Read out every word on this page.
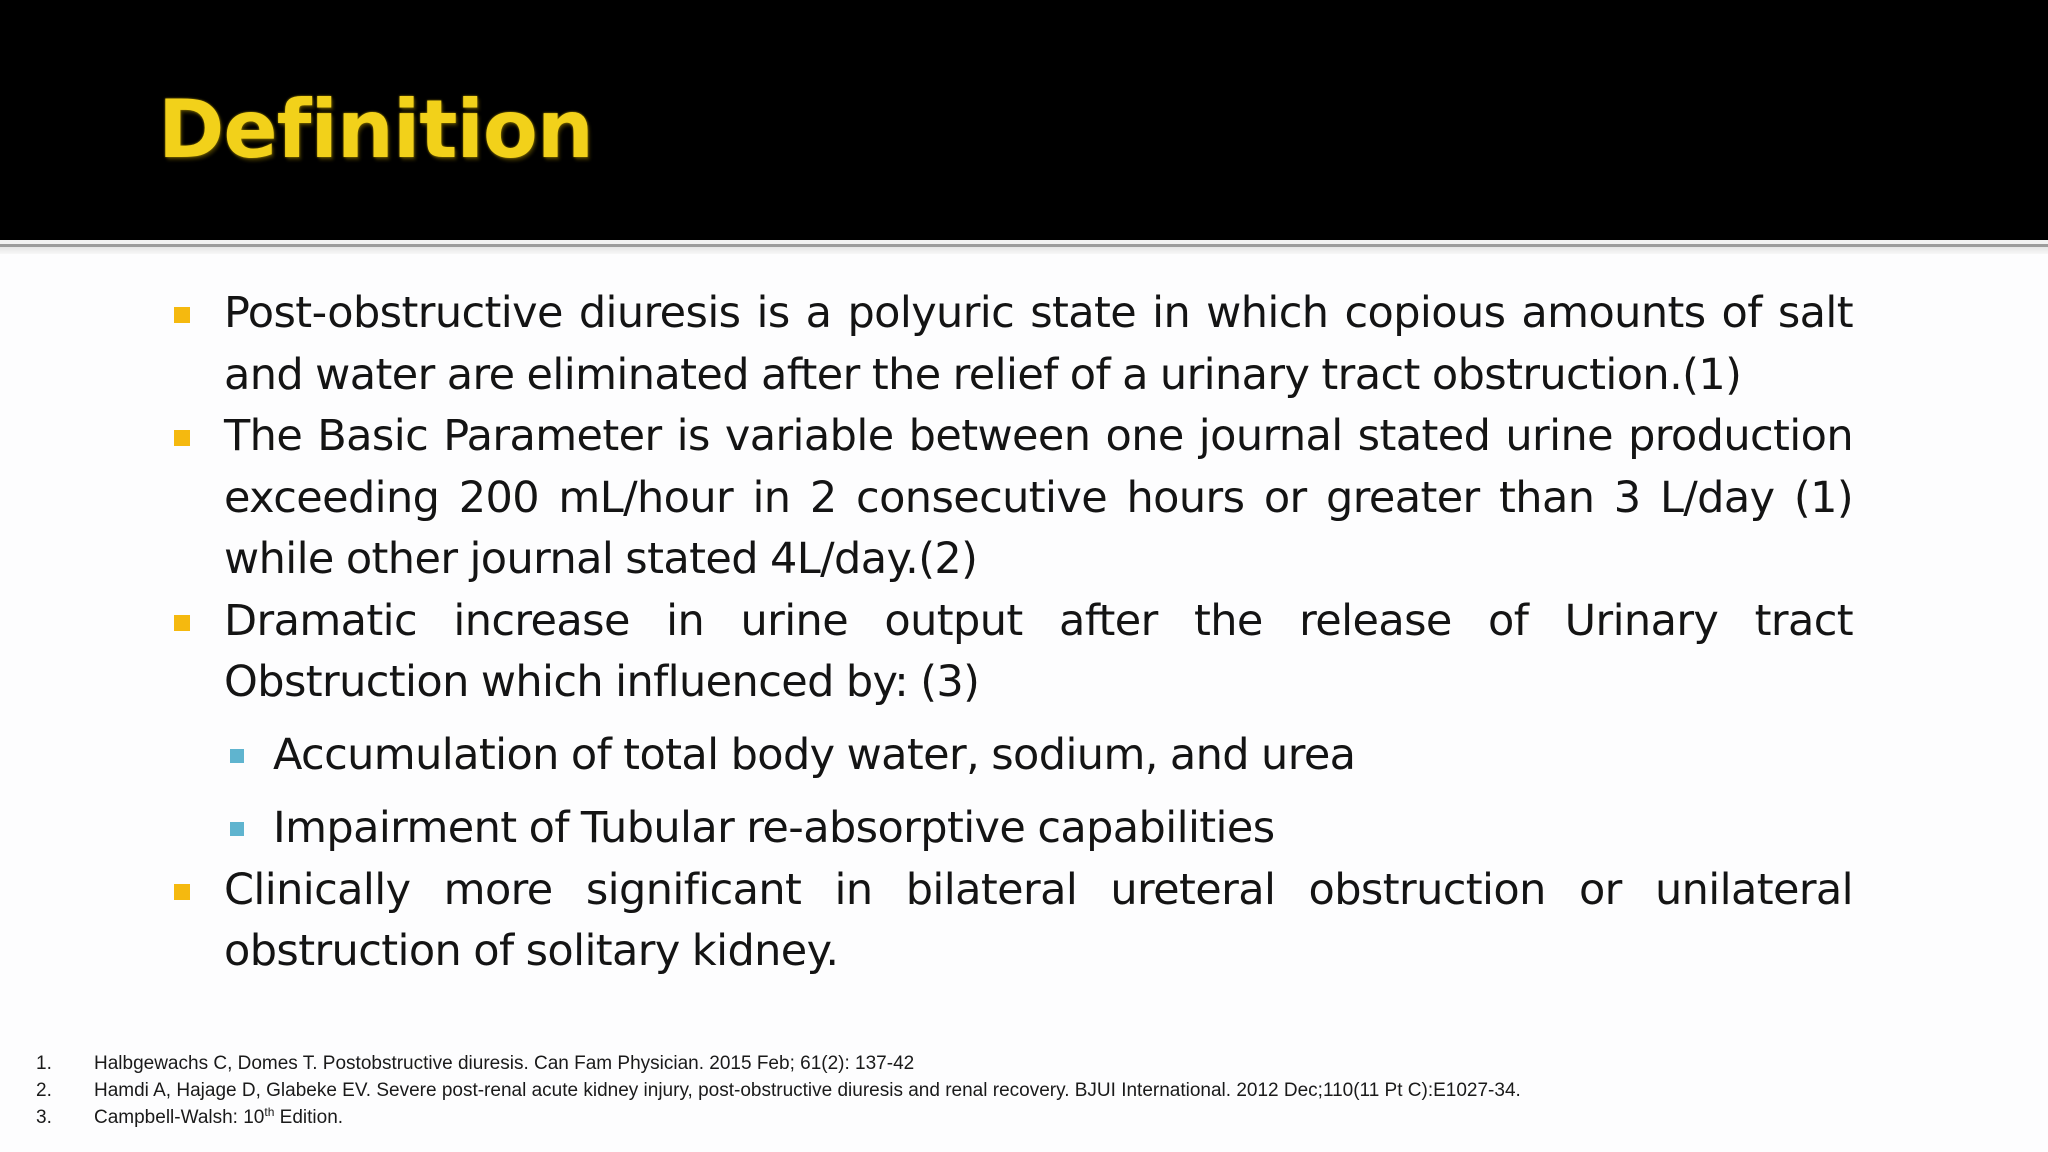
Definition
Post-obstructive diuresis is a polyuric state in which copious amounts of salt and water are eliminated after the relief of a urinary tract obstruction.(1)
The Basic Parameter is variable between one journal stated urine production exceeding 200 mL/hour in 2 consecutive hours or greater than 3 L/day (1) while other journal stated 4L/day.(2)
Dramatic increase in urine output after the release of Urinary tract Obstruction which influenced by: (3)
Accumulation of total body water, sodium, and urea
Impairment of Tubular re-absorptive capabilities
Clinically more significant in bilateral ureteral obstruction or unilateral obstruction of solitary kidney.
1. Halbgewachs C, Domes T. Postobstructive diuresis. Can Fam Physician. 2015 Feb; 61(2): 137-42
2. Hamdi A, Hajage D, Glabeke EV. Severe post-renal acute kidney injury, post-obstructive diuresis and renal recovery. BJUI International. 2012 Dec;110(11 Pt C):E1027-34.
3. Campbell-Walsh: 10th Edition.
